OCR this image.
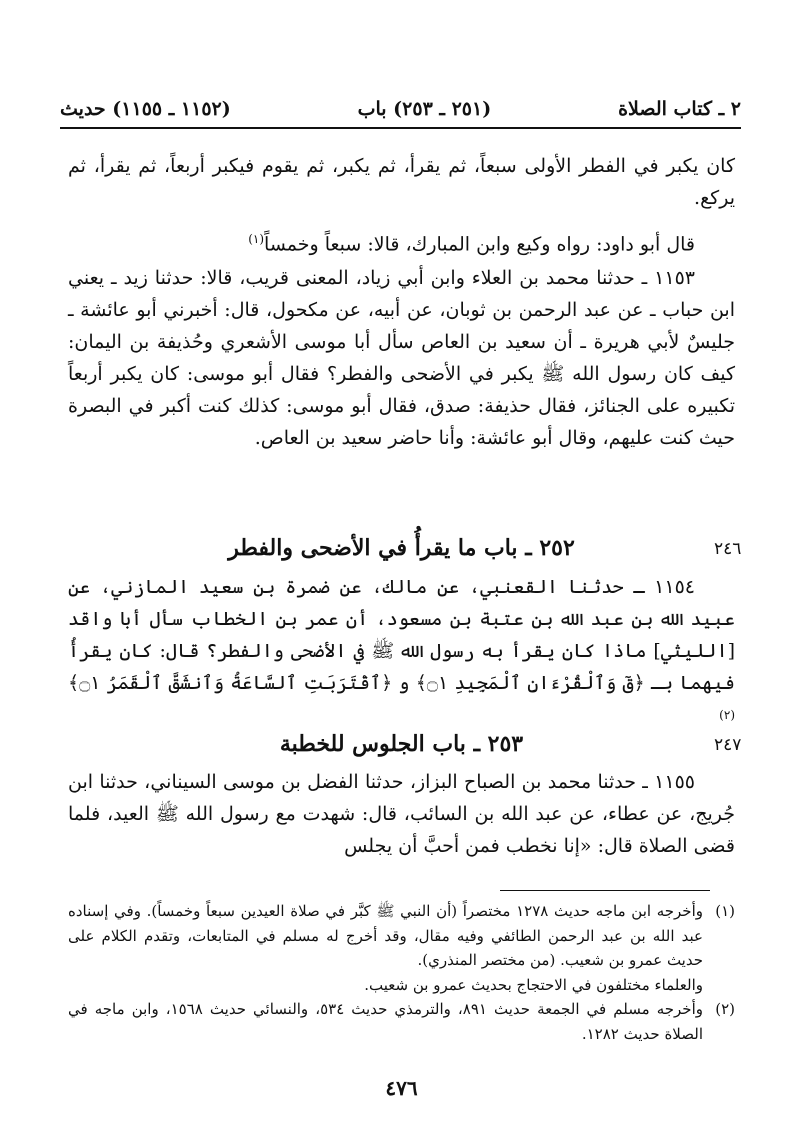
٢ ـ كتاب الصلاة
(٢٥١ ـ ٢٥٣) باب
(١١٥٢ ـ ١١٥٥) حديث

كان يكبر في الفطر الأولى سبعاً، ثم يقرأ، ثم يكبر، ثم يقوم فيكبر أربعاً، ثم يقرأ، ثم يركع.

قال أبو داود: رواه وكيع وابن المبارك، قالا: سبعاً وخمساً$^{(١)}$

١١٥٣ ـ حدثنا محمد بن العلاء وابن أبي زياد، المعنى قريب، قالا: حدثنا زيد ـ يعني ابن حباب ـ عن عبد الرحمن بن ثوبان، عن أبيه، عن مكحول، قال: أخبرني أبو عائشة ـ جليسٌ لأبي هريرة ـ أن سعيد بن العاص سأل أبا موسى الأشعري وحُذيفة بن اليمان: كيف كان رسول الله ﷺ يكبر في الأضحى والفطر؟ فقال أبو موسى: كان يكبر أربعاً تكبيره على الجنائز، فقال حذيفة: صدق، فقال أبو موسى: كذلك كنت أكبر في البصرة حيث كنت عليهم، وقال أبو عائشة: وأنا حاضر سعيد بن العاص.

٢٤٦
٢٥٢ ـ باب ما يقرأُ في الأضحى والفطر

١١٥٤ ـ حدثنا القعنبي، عن مالك، عن ضمرة بن سعيد المازني، عن عبيد الله بن عبد الله بن عتبة بن مسعود، أن عمر بن الخطاب سأل أبا واقد [الليثي] ماذا كان يقرأ به رسول الله ﷺ في الأضحى والفطر؟ قال: كان يقرأُ فيهما بـ ﴿قٓ وَٱلْقُرْءَانِ ٱلْمَجِيدِ ۝١﴾ و ﴿ٱقْتَرَبَتِ ٱلسَّاعَةُ وَٱنشَقَّ ٱلْقَمَرُ ۝١﴾$^{(٢)}$

٢٤٧
٢٥٣ ـ باب الجلوس للخطبة

١١٥٥ ـ حدثنا محمد بن الصباح البزاز، حدثنا الفضل بن موسى السيناني، حدثنا ابن جُريج، عن عطاء، عن عبد الله بن السائب، قال: شهدت مع رسول الله ﷺ العيد، فلما قضى الصلاة قال: «إنا نخطب فمن أحبَّ أن يجلس

(١)
وأخرجه ابن ماجه حديث ١٢٧٨ مختصراً (أن النبي ﷺ كبَّر في صلاة العيدين سبعاً وخمساً). وفي إسناده عبد الله بن عبد الرحمن الطائفي وفيه مقال، وقد أخرج له مسلم في المتابعات، وتقدم الكلام على حديث عمرو بن شعيب. (من مختصر المنذري).
والعلماء مختلفون في الاحتجاج بحديث عمرو بن شعيب.
(٢)
وأخرجه مسلم في الجمعة حديث ٨٩١، والترمذي حديث ٥٣٤، والنسائي حديث ١٥٦٨، وابن ماجه في الصلاة حديث ١٢٨٢.
٤٧٦
